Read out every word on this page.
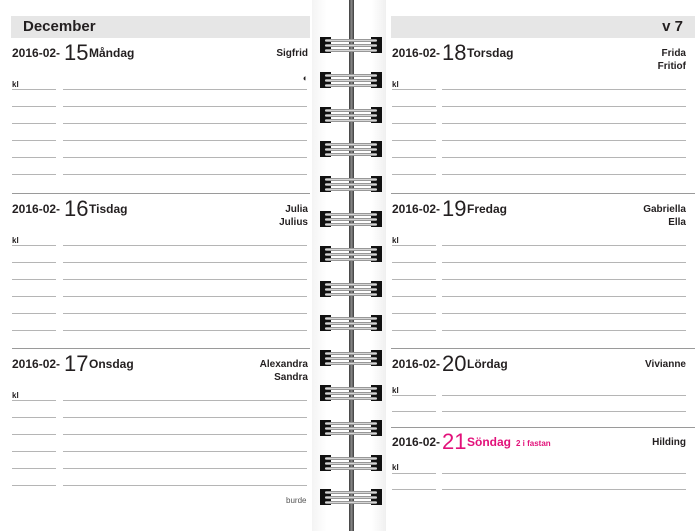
December
2016-02- 15 Måndag	Sigfrid
◐
kl
2016-02- 16 Tisdag	Julia
Julius
kl
2016-02- 17 Onsdag	Alexandra
Sandra
kl
burde
v 7
2016-02- 18 Torsdag	Frida
Fritiof
kl
2016-02- 19 Fredag	Gabriella
Ella
kl
2016-02- 20 Lördag	Vivianne
kl
2016-02- 21 Söndag 2 i fastan	Hilding
kl
